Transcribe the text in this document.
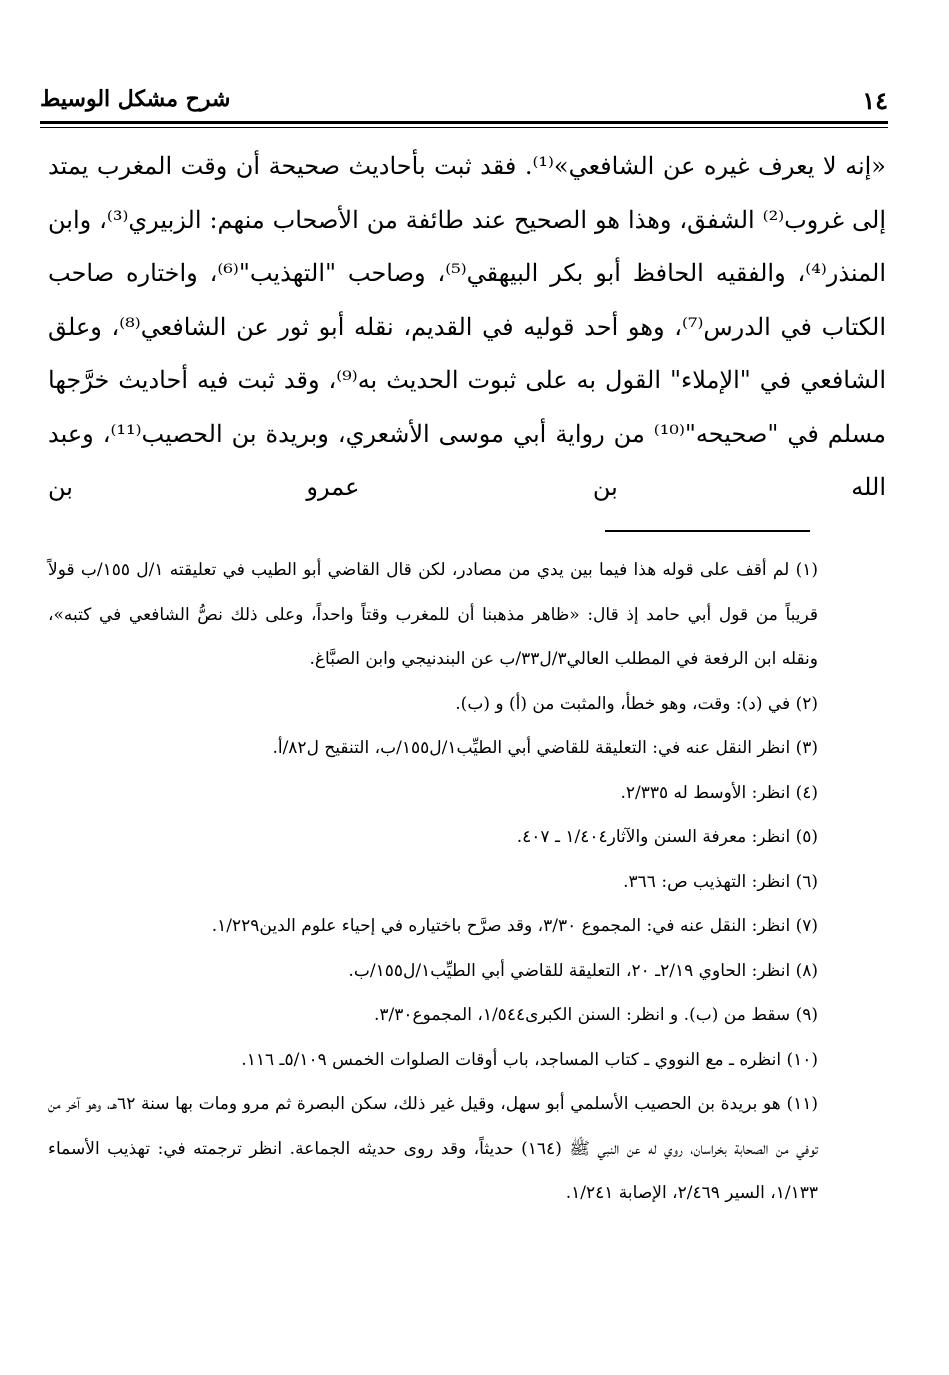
١٤
شرح مشكل الوسيط

«إنه لا يعرف غيره عن الشافعي»⁽¹⁾. فقد ثبت بأحاديث صحيحة أن وقت المغرب يمتد إلى غروب⁽²⁾ الشفق، وهذا هو الصحيح عند طائفة من الأصحاب منهم: الزبيري⁽³⁾، وابن المنذر⁽⁴⁾، والفقيه الحافظ أبو بكر البيهقي⁽⁵⁾، وصاحب "التهذيب"⁽⁶⁾، واختاره صاحب الكتاب في الدرس⁽⁷⁾، وهو أحد قوليه في القديم، نقله أبو ثور عن الشافعي⁽⁸⁾، وعلق الشافعي في "الإملاء" القول به على ثبوت الحديث به⁽⁹⁾، وقد ثبت فيه أحاديث خرَّجها مسلم في "صحيحه"⁽¹⁰⁾ من رواية أبي موسى الأشعري، وبريدة بن الحصيب⁽¹¹⁾، وعبد الله بن عمرو بن

(١) لم أقف على قوله هذا فيما بين يدي من مصادر، لكن قال القاضي أبو الطيب في تعليقته ١/ل ١٥٥/ب قولاً قريباً من قول أبي حامد إذ قال: «ظاهر مذهبنا أن للمغرب وقتاً واحداً، وعلى ذلك نصُّ الشافعي في كتبه»، ونقله ابن الرفعة في المطلب العالي٣/ل٣٣/ب عن البندنيجي وابن الصبَّاغ.

(٢) في (د): وقت، وهو خطأ، والمثبت من (أ) و (ب).

(٣) انظر النقل عنه في: التعليقة للقاضي أبي الطيِّب١/ل١٥٥/ب، التنقيح ل٨٢/أ.

(٤) انظر: الأوسط له ٢/٣٣٥.

(٥) انظر: معرفة السنن والآثار١/٤٠٤ ـ ٤٠٧.

(٦) انظر: التهذيب ص: ٣٦٦.

(٧) انظر: النقل عنه في: المجموع ٣/٣٠، وقد صرَّح باختياره في إحياء علوم الدين١/٢٢٩.

(٨) انظر: الحاوي ٢/١٩ـ ٢٠، التعليقة للقاضي أبي الطيِّب١/ل١٥٥/ب.

(٩) سقط من (ب). و انظر: السنن الكبرى١/٥٤٤، المجموع٣/٣٠.

(١٠) انظره ـ مع النووي ـ كتاب المساجد، باب أوقات الصلوات الخمس ٥/١٠٩ـ ١١٦.

(١١) هو بريدة بن الحصيب الأسلمي أبو سهل، وقيل غير ذلك، سكن البصرة ثم مرو ومات بها سنة ٦٢هـ، وهو آخر من توفي من الصحابة بخراسان، روي له عن النبي ﷺ (١٦٤) حديثاً، وقد روى حديثه الجماعة. انظر ترجمته في: تهذيب الأسماء ١/١٣٣، السير ٢/٤٦٩، الإصابة ١/٢٤١.
